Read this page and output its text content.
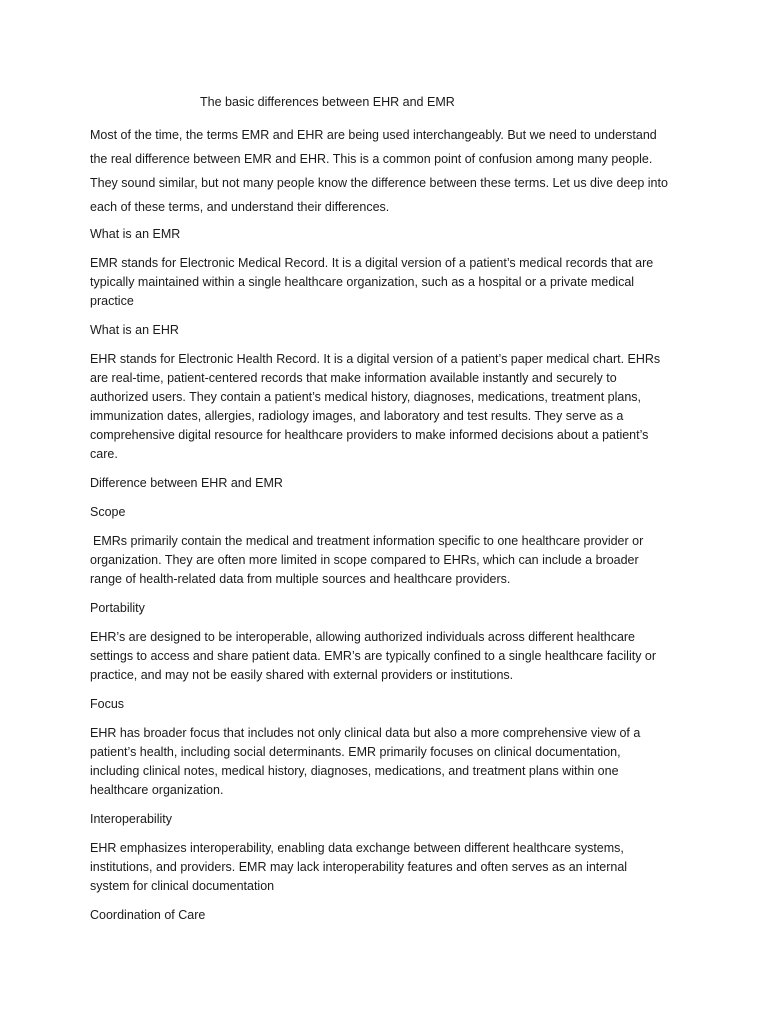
The basic differences between EHR and EMR

Most of the time, the terms EMR and EHR are being used interchangeably. But we need to understand the real difference between EMR and EHR. This is a common point of confusion among many people. They sound similar, but not many people know the difference between these terms. Let us dive deep into each of these terms, and understand their differences.

What is an EMR

EMR stands for Electronic Medical Record. It is a digital version of a patient’s medical records that are typically maintained within a single healthcare organization, such as a hospital or a private medical practice

What is an EHR

EHR stands for Electronic Health Record. It is a digital version of a patient’s paper medical chart. EHRs are real-time, patient-centered records that make information available instantly and securely to authorized users. They contain a patient’s medical history, diagnoses, medications, treatment plans, immunization dates, allergies, radiology images, and laboratory and test results. They serve as a comprehensive digital resource for healthcare providers to make informed decisions about a patient’s care.

Difference between EHR and EMR

Scope

EMRs primarily contain the medical and treatment information specific to one healthcare provider or organization. They are often more limited in scope compared to EHRs, which can include a broader range of health-related data from multiple sources and healthcare providers.

Portability

EHR’s are designed to be interoperable, allowing authorized individuals across different healthcare settings to access and share patient data. EMR’s are typically confined to a single healthcare facility or practice, and may not be easily shared with external providers or institutions.

Focus

EHR has broader focus that includes not only clinical data but also a more comprehensive view of a patient’s health, including social determinants. EMR primarily focuses on clinical documentation, including clinical notes, medical history, diagnoses, medications, and treatment plans within one healthcare organization.

Interoperability

EHR emphasizes interoperability, enabling data exchange between different healthcare systems, institutions, and providers. EMR may lack interoperability features and often serves as an internal system for clinical documentation

Coordination of Care
